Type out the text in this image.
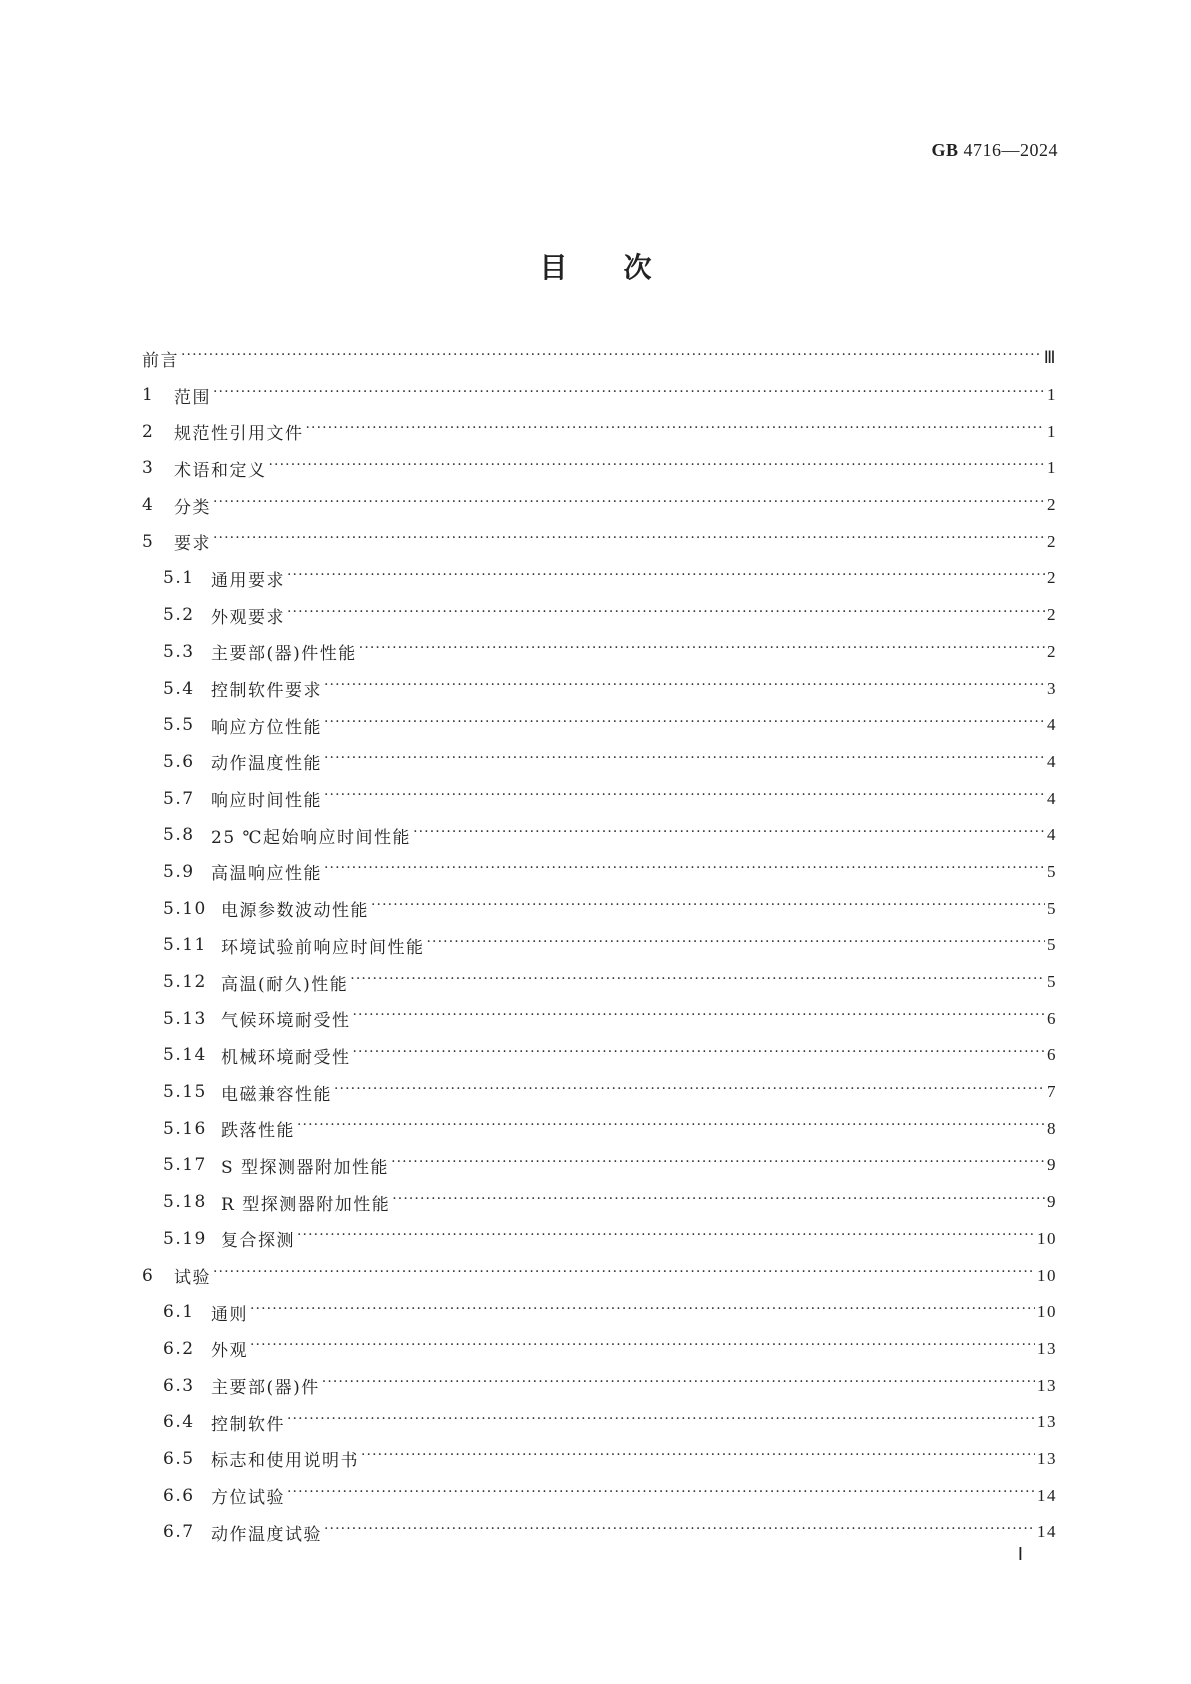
GB 4716—2024
目次
前言 ·····	Ⅲ
1	范围 ·····	1
2	规范性引用文件 ·····	1
3	术语和定义 ·····	1
4	分类 ·····	2
5	要求 ·····	2
5.1 通用要求 ·····	2
5.2 外观要求 ·····	2
5.3 主要部(器)件性能 ·····	2
5.4 控制软件要求 ·····	3
5.5 响应方位性能 ·····	4
5.6 动作温度性能 ·····	4
5.7 响应时间性能 ·····	4
5.8 25 ℃起始响应时间性能 ·····	4
5.9 高温响应性能 ·····	5
5.10 电源参数波动性能 ·····	5
5.11 环境试验前响应时间性能 ·····	5
5.12 高温(耐久)性能 ·····	5
5.13 气候环境耐受性 ·····	6
5.14 机械环境耐受性 ·····	6
5.15 电磁兼容性能 ·····	7
5.16 跌落性能 ·····	8
5.17 S 型探测器附加性能 ·····	9
5.18 R 型探测器附加性能 ·····	9
5.19 复合探测 ·····	10
6	试验 ·····	10
6.1 通则 ·····	10
6.2 外观 ·····	13
6.3 主要部(器)件 ·····	13
6.4 控制软件 ·····	13
6.5 标志和使用说明书 ·····	13
6.6 方位试验 ·····	14
6.7 动作温度试验 ·····	14
Ⅰ
